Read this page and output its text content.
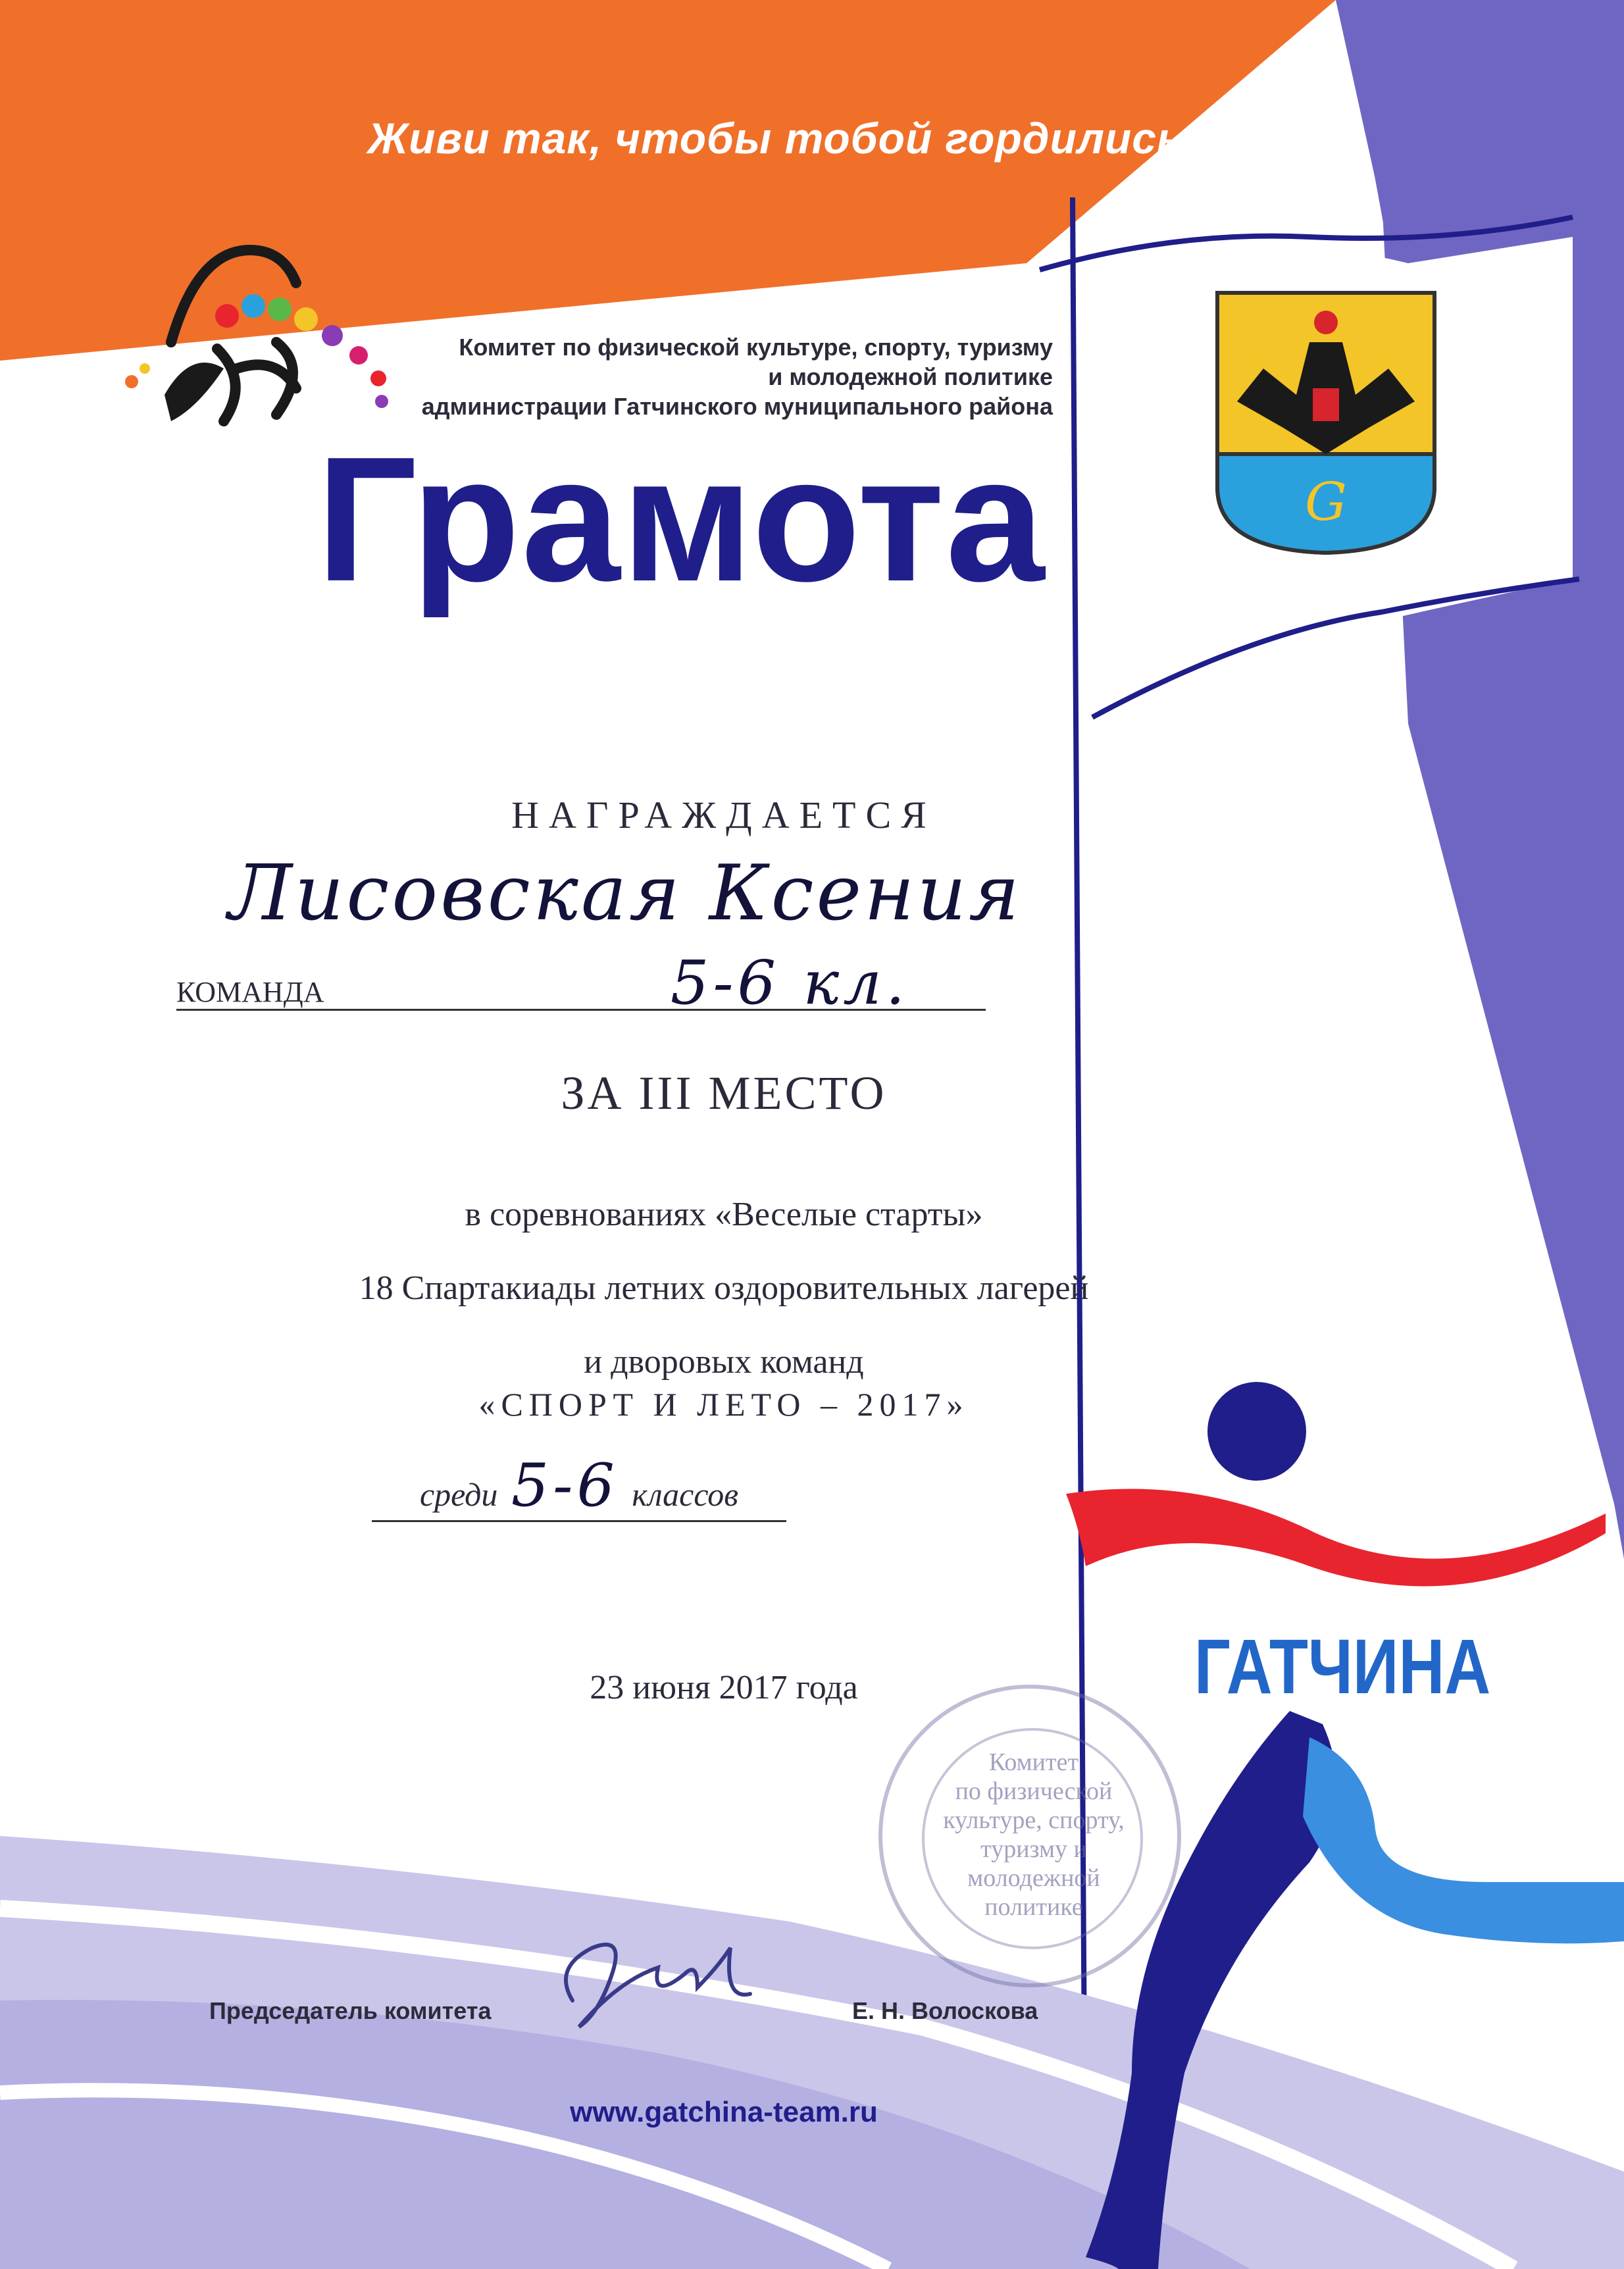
G
Живи так, чтобы тобой гордились!
Комитет по физической культуре, спорту, туризму
и молодежной политике
администрации Гатчинского муниципального района
Грамота
НАГРАЖДАЕТСЯ
Лисовская Ксения
КОМАНДА	5-6 кл.
ЗА III МЕСТО
в соревнованиях «Веселые старты»
18 Спартакиады летних оздоровительных лагерей
и дворовых команд
«СПОРТ И ЛЕТО – 2017»
среди 5-6 классов
23 июня 2017 года	ГАТЧИНА
Комитет
по физической
культуре, спорту,
туризму и
молодежной
политике
Председатель комитета	Е. Н. Волоскова
www.gatchina-team.ru
